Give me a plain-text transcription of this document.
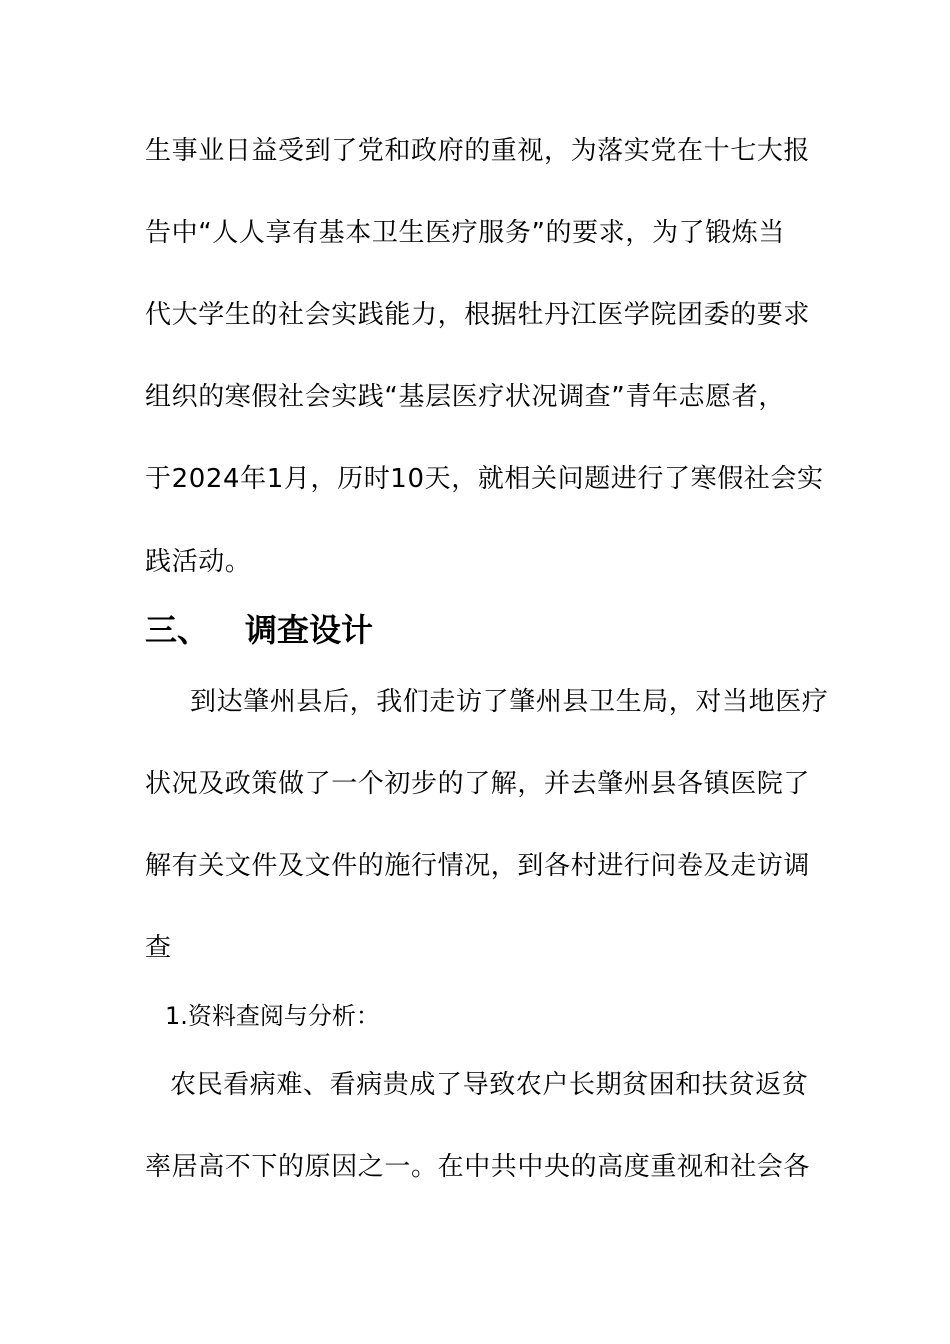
生事业日益受到了党和政府的重视，为落实党在十七大报
告中“人人享有基本卫生医疗服务”的要求，为了锻炼当
代大学生的社会实践能力，根据牡丹江医学院团委的要求
组织的寒假社会实践“基层医疗状况调查”青年志愿者，
于2024年1月，历时10天，就相关问题进行了寒假社会实
践活动。
三、 调查设计
到达肇州县后，我们走访了肇州县卫生局，对当地医疗
状况及政策做了一个初步的了解，并去肇州县各镇医院了
解有关文件及文件的施行情况，到各村进行问卷及走访调
查
1.资料查阅与分析：
农民看病难、看病贵成了导致农户长期贫困和扶贫返贫
率居高不下的原因之一。在中共中央的高度重视和社会各
